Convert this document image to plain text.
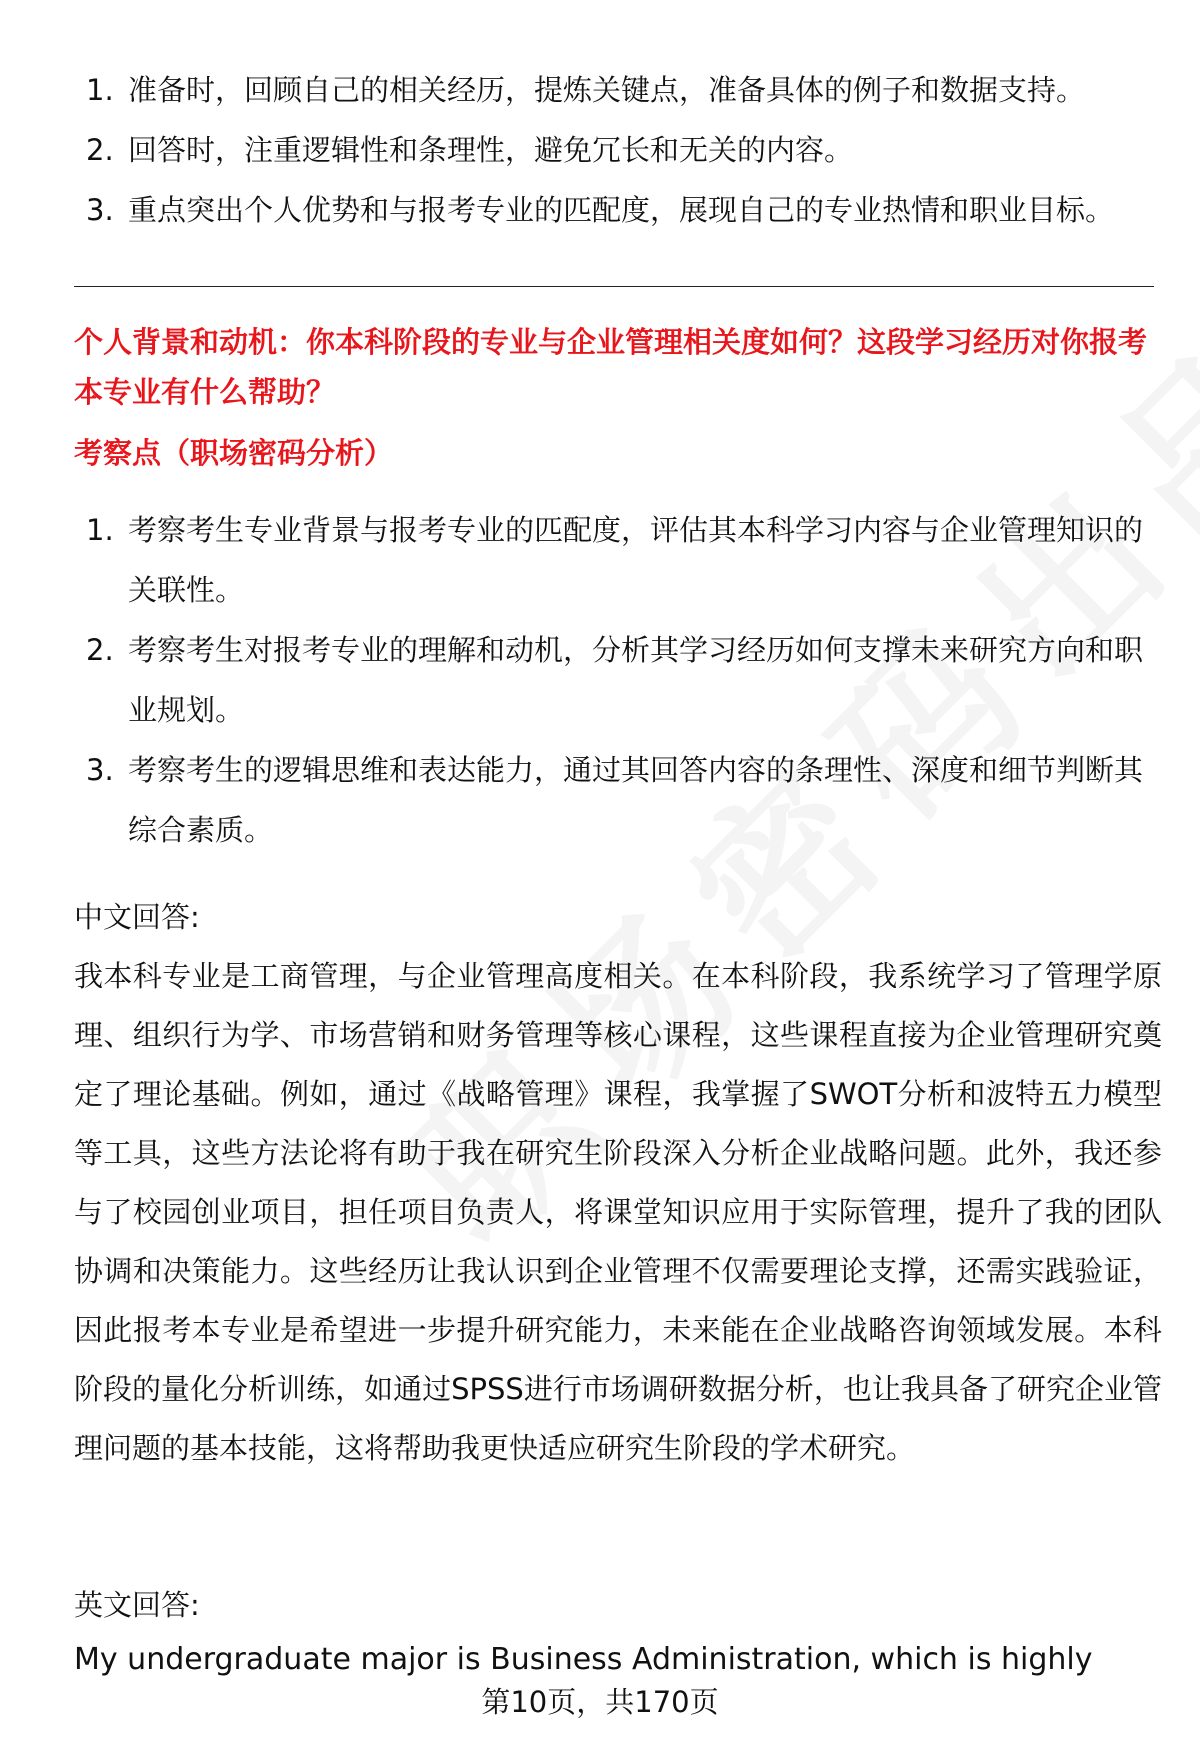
1. 准备时，回顾自己的相关经历，提炼关键点，准备具体的例子和数据支持。
2. 回答时，注重逻辑性和条理性，避免冗长和无关的内容。
3. 重点突出个人优势和与报考专业的匹配度，展现自己的专业热情和职业目标。
个人背景和动机：你本科阶段的专业与企业管理相关度如何？这段学习经历对你报考本专业有什么帮助？
考察点（职场密码分析）
1. 考察考生专业背景与报考专业的匹配度，评估其本科学习内容与企业管理知识的关联性。
2. 考察考生对报考专业的理解和动机，分析其学习经历如何支撑未来研究方向和职业规划。
3. 考察考生的逻辑思维和表达能力，通过其回答内容的条理性、深度和细节判断其综合素质。
中文回答:
我本科专业是工商管理，与企业管理高度相关。在本科阶段，我系统学习了管理学原理、组织行为学、市场营销和财务管理等核心课程，这些课程直接为企业管理研究奠定了理论基础。例如，通过《战略管理》课程，我掌握了SWOT分析和波特五力模型等工具，这些方法论将有助于我在研究生阶段深入分析企业战略问题。此外，我还参与了校园创业项目，担任项目负责人，将课堂知识应用于实际管理，提升了我的团队协调和决策能力。这些经历让我认识到企业管理不仅需要理论支撑，还需实践验证，因此报考本专业是希望进一步提升研究能力，未来能在企业战略咨询领域发展。本科阶段的量化分析训练，如通过SPSS进行市场调研数据分析，也让我具备了研究企业管理问题的基本技能，这将帮助我更快适应研究生阶段的学术研究。
英文回答:
My undergraduate major is Business Administration, which is highly
第10页，共170页
